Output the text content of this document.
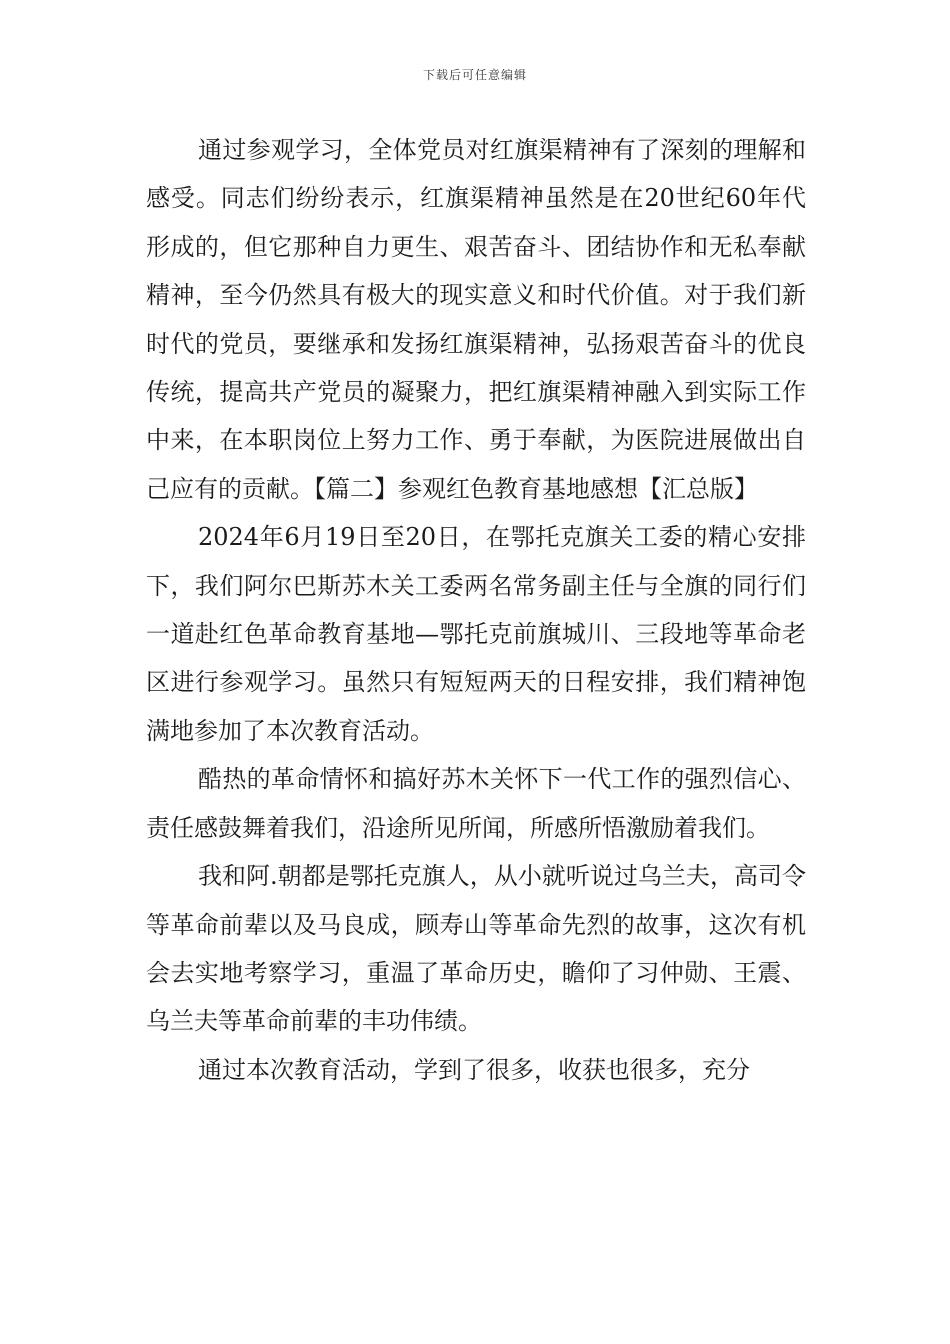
下载后可任意编辑

通过参观学习，全体党员对红旗渠精神有了深刻的理解和感受。同志们纷纷表示，红旗渠精神虽然是在20世纪60年代形成的，但它那种自力更生、艰苦奋斗、团结协作和无私奉献精神，至今仍然具有极大的现实意义和时代价值。对于我们新时代的党员，要继承和发扬红旗渠精神，弘扬艰苦奋斗的优良传统，提高共产党员的凝聚力，把红旗渠精神融入到实际工作中来，在本职岗位上努力工作、勇于奉献，为医院进展做出自己应有的贡献。【篇二】参观红色教育基地感想【汇总版】

2024年6月19日至20日，在鄂托克旗关工委的精心安排下，我们阿尔巴斯苏木关工委两名常务副主任与全旗的同行们一道赴红色革命教育基地—鄂托克前旗城川、三段地等革命老区进行参观学习。虽然只有短短两天的日程安排，我们精神饱满地参加了本次教育活动。

酷热的革命情怀和搞好苏木关怀下一代工作的强烈信心、责任感鼓舞着我们，沿途所见所闻，所感所悟激励着我们。

我和阿.朝都是鄂托克旗人，从小就听说过乌兰夫，高司令等革命前辈以及马良成，顾寿山等革命先烈的故事，这次有机会去实地考察学习，重温了革命历史，瞻仰了习仲勋、王震、乌兰夫等革命前辈的丰功伟绩。

通过本次教育活动，学到了很多，收获也很多，充分
